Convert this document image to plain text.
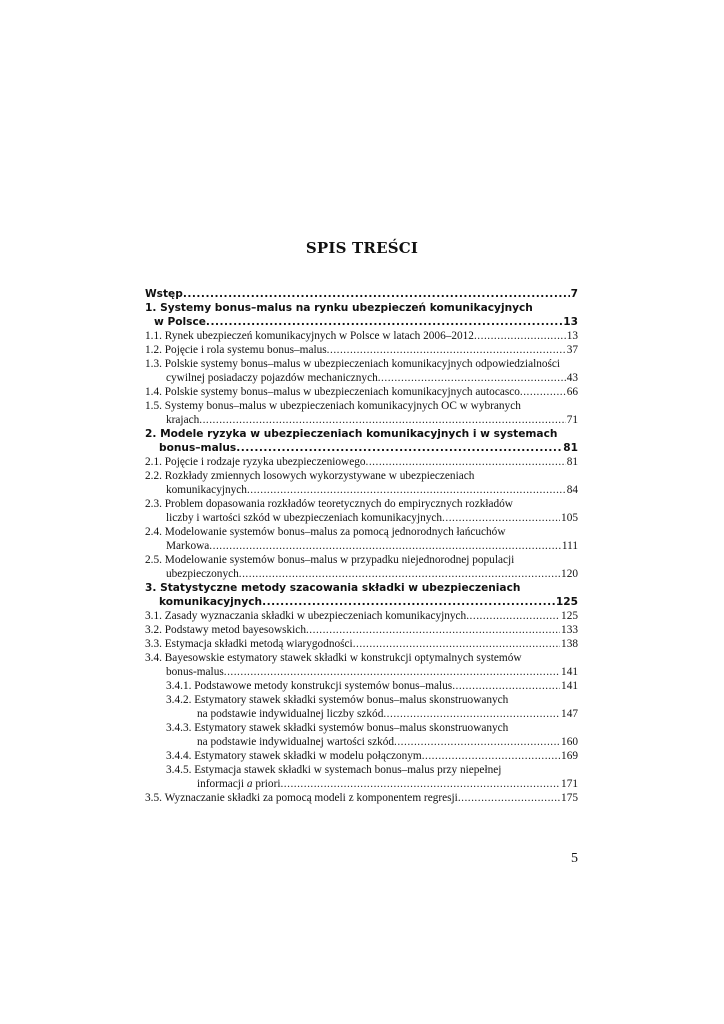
SPIS TREŚCI
Wstęp .....	7
1. Systemy bonus–malus na rynku ubezpieczeń komunikacyjnych
w Polsce .....	13
1.1. Rynek ubezpieczeń komunikacyjnych w Polsce w latach 2006–2012 .....	13
1.2. Pojęcie i rola systemu bonus–malus .....	37
1.3. Polskie systemy bonus–malus w ubezpieczeniach komunikacyjnych odpowiedzialności
cywilnej posiadaczy pojazdów mechanicznych .....	43
1.4. Polskie systemy bonus–malus w ubezpieczeniach komunikacyjnych autocasco .....	66
1.5. Systemy bonus–malus w ubezpieczeniach komunikacyjnych OC w wybranych
krajach .....	71
2. Modele ryzyka w ubezpieczeniach komunikacyjnych i w systemach
bonus–malus .....	81
2.1. Pojęcie i rodzaje ryzyka ubezpieczeniowego .....	81
2.2. Rozkłady zmiennych losowych wykorzystywane w ubezpieczeniach
komunikacyjnych .....	84
2.3. Problem dopasowania rozkładów teoretycznych do empirycznych rozkładów
liczby i wartości szkód w ubezpieczeniach komunikacyjnych .....	105
2.4. Modelowanie systemów bonus–malus za pomocą jednorodnych łańcuchów
Markowa .....	111
2.5. Modelowanie systemów bonus–malus w przypadku niejednorodnej populacji
ubezpieczonych .....	120
3. Statystyczne metody szacowania składki w ubezpieczeniach
komunikacyjnych .....	125
3.1. Zasady wyznaczania składki w ubezpieczeniach komunikacyjnych .....	125
3.2. Podstawy metod bayesowskich .....	133
3.3. Estymacja składki metodą wiarygodności .....	138
3.4. Bayesowskie estymatory stawek składki w konstrukcji optymalnych systemów
bonus-malus .....	141
3.4.1. Podstawowe metody konstrukcji systemów bonus–malus .....	141
3.4.2. Estymatory stawek składki systemów bonus–malus skonstruowanych
na podstawie indywidualnej liczby szkód .....	147
3.4.3. Estymatory stawek składki systemów bonus–malus skonstruowanych
na podstawie indywidualnej wartości szkód .....	160
3.4.4. Estymatory stawek składki w modelu połączonym .....	169
3.4.5. Estymacja stawek składki w systemach bonus–malus przy niepełnej
informacji a priori .....	171
3.5. Wyznaczanie składki za pomocą modeli z komponentem regresji .....	175
5
